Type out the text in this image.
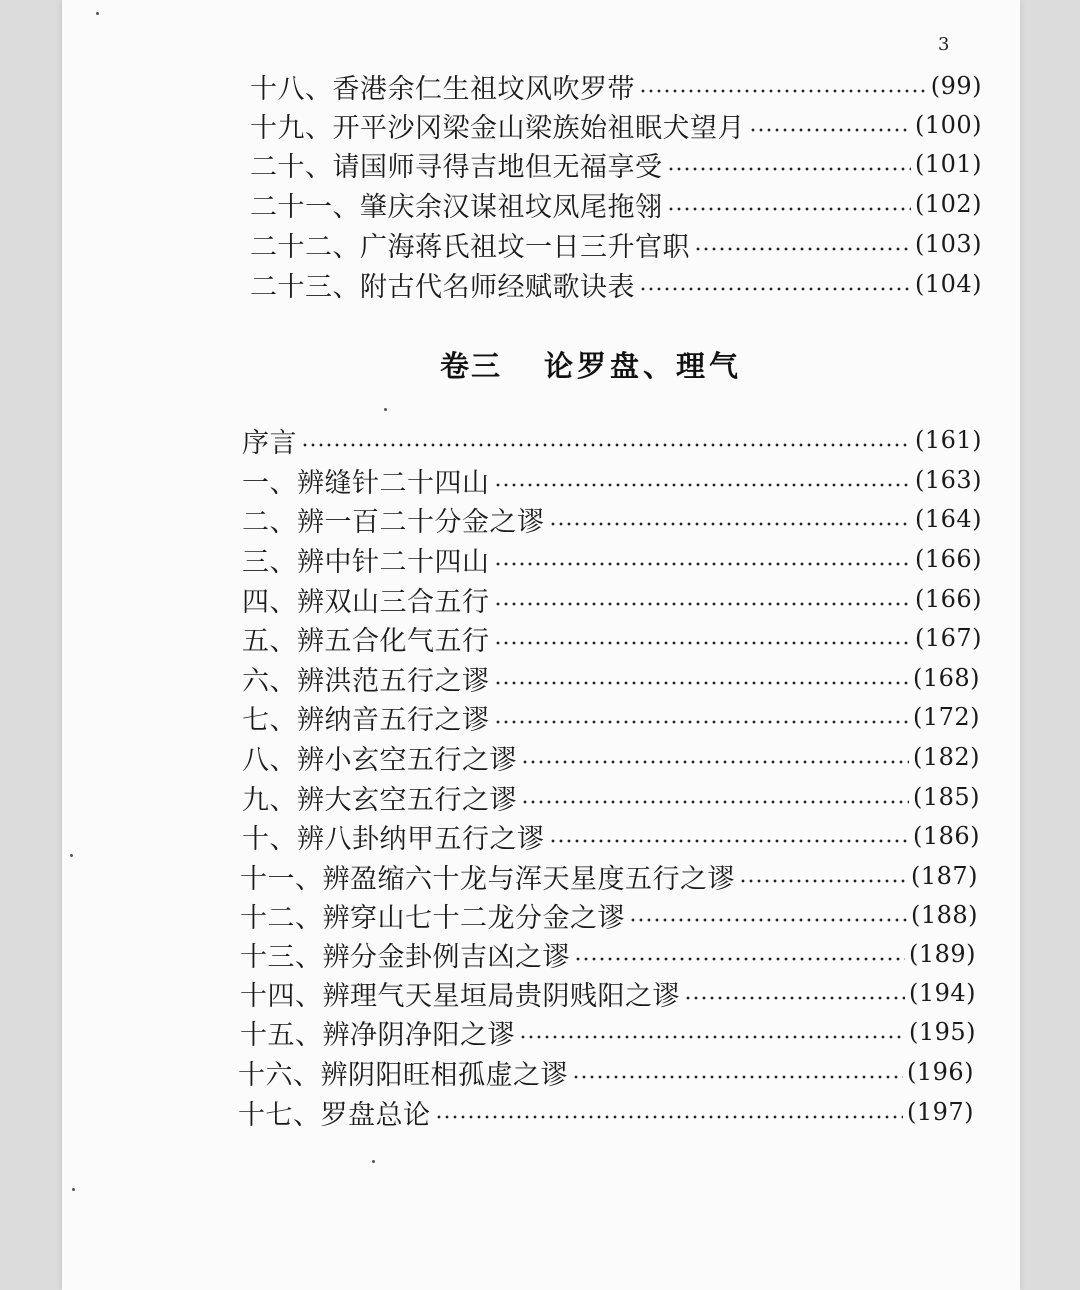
3
十八、香港余仁生祖坟风吹罗带	(99)
十九、开平沙冈梁金山梁族始祖眠犬望月	(100)
二十、请国师寻得吉地但无福享受	(101)
二十一、肇庆余汉谋祖坟凤尾拖翎	(102)
二十二、广海蒋氏祖坟一日三升官职	(103)
二十三、附古代名师经赋歌诀表	(104)
卷三 论罗盘、理气
序言	(161)
一、辨缝针二十四山	(163)
二、辨一百二十分金之谬	(164)
三、辨中针二十四山	(166)
四、辨双山三合五行	(166)
五、辨五合化气五行	(167)
六、辨洪范五行之谬	(168)
七、辨纳音五行之谬	(172)
八、辨小玄空五行之谬	(182)
九、辨大玄空五行之谬	(185)
十、辨八卦纳甲五行之谬	(186)
十一、辨盈缩六十龙与浑天星度五行之谬	(187)
十二、辨穿山七十二龙分金之谬	(188)
十三、辨分金卦例吉凶之谬	(189)
十四、辨理气天星垣局贵阴贱阳之谬	(194)
十五、辨净阴净阳之谬	(195)
十六、辨阴阳旺相孤虚之谬	(196)
十七、罗盘总论	(197)
